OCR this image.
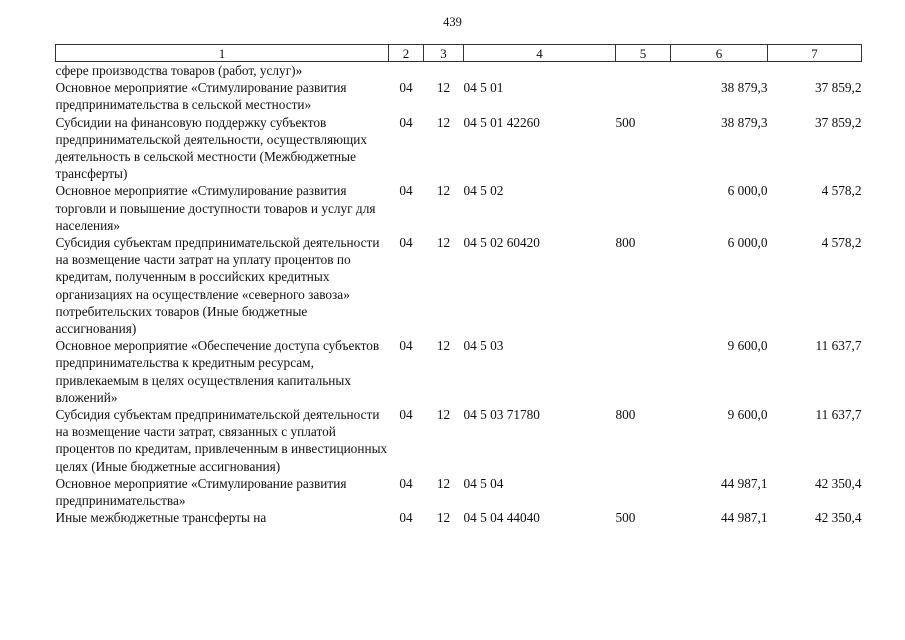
439
1	2	3	4	5	6	7
сфере производства товаров (работ, услуг)»						
Основное мероприятие «Стимулирование развития предпринимательства в сельской местности»	04	12	04 5 01		38 879,3	37 859,2
Субсидии на финансовую поддержку субъектов предпринимательской деятельности, осуществляющих деятельность в сельской местности (Межбюджетные трансферты)	04	12	04 5 01 42260	500	38 879,3	37 859,2
Основное мероприятие «Стимулирование развития торговли и повышение доступности товаров и услуг для населения»	04	12	04 5 02		6 000,0	4 578,2
Субсидия субъектам предпринимательской деятельности на возмещение части затрат на уплату процентов по кредитам, полученным в российских кредитных организациях на осуществление «северного завоза» потребительских товаров (Иные бюджетные ассигнования)	04	12	04 5 02 60420	800	6 000,0	4 578,2
Основное мероприятие «Обеспечение доступа субъектов предпринимательства к кредитным ресурсам, привлекаемым в целях осуществления капитальных вложений»	04	12	04 5 03		9 600,0	11 637,7
Субсидия субъектам предпринимательской деятельности на возмещение части затрат, связанных с уплатой процентов по кредитам, привлеченным в инвестиционных целях (Иные бюджетные ассигнования)	04	12	04 5 03 71780	800	9 600,0	11 637,7
Основное мероприятие «Стимулирование развития предпринимательства»	04	12	04 5 04		44 987,1	42 350,4
Иные межбюджетные трансферты на	04	12	04 5 04 44040	500	44 987,1	42 350,4
